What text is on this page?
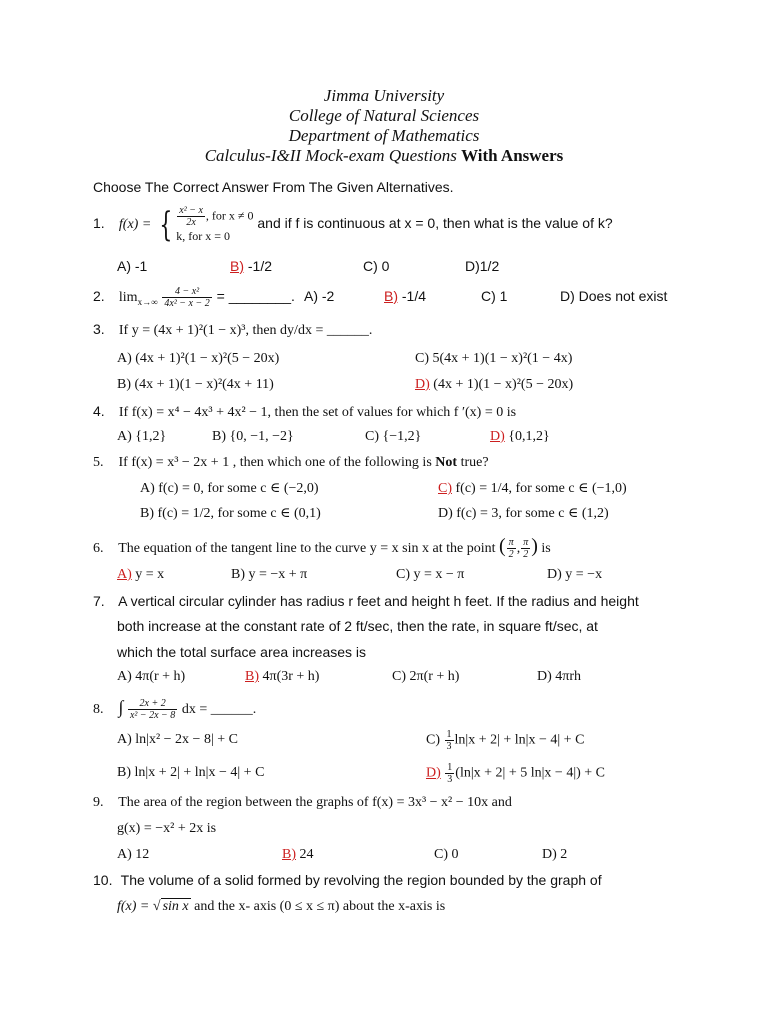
Jimma University
College of Natural Sciences
Department of Mathematics
Calculus-I&II Mock-exam Questions With Answers
Choose The Correct Answer From The Given Alternatives.
1. f(x) = { $\frac{\text{x² − x}}{2x}$ , for x ≠ 0
k, for x = 0
and if f is continuous at x = 0, then what is the value of k?
A) -1	B) -1/2	C) 0	D)1/2
2. $\lim_{x\to\infty} \frac{\text{4 − x²}}{\text{4x² − x − 2}}$ = ________. A) -2	B) -1/4	C) 1	D) Does not exist
3. If y = (4x + 1)²(1 − x)³, then dy/dx = ______.
A) (4x + 1)²(1 − x)²(5 − 20x)	C) 5(4x + 1)(1 − x)²(1 − 4x)
B) (4x + 1)(1 − x)²(4x + 11)	D) (4x + 1)(1 − x)²(5 − 20x)
4. If f(x) = x⁴ − 4x³ + 4x² − 1, then the set of values for which f ′(x) = 0 is
A) {1,2}	B) {0, −1, −2}	C) {−1,2}	D) {0,1,2}
5. If f(x) = x³ − 2x + 1 , then which one of the following is Not true?
A) f(c) = 0, for some c ∈ (−2,0)	C) f(c) = 1/4, for some c ∈ (−1,0)
B) f(c) = 1/2, for some c ∈ (0,1)	D) f(c) = 3, for some c ∈ (1,2)
6. The equation of the tangent line to the curve y = x sin x at the point ( $\frac{\pi}{2}$ , $\frac{\pi}{2}$ ) is
A) y = x	B) y = −x + π	C) y = x − π	D) y = −x
7. A vertical circular cylinder has radius r feet and height h feet. If the radius and height
both increase at the constant rate of 2 ft/sec, then the rate, in square ft/sec, at
which the total surface area increases is
A) 4π(r + h)	B) 4π(3r + h)	C) 2π(r + h)	D) 4πrh
8. ∫ $\frac{2x + 2}{\text{x² − 2x − 8}}$ dx = ______.
A) ln|x² − 2x − 8| + C	$C) \frac{1}{3} \ln|x + 2| + \ln|x - 4| + C$
B) ln|x + 2| + ln|x − 4| + C	$D) \frac{1}{3} (\ln|x + 2| + 5$ ln|x − 4|) + C
9. The area of the region between the graphs of f(x) = 3x³ − x² − 10x and
g(x) = −x² + 2x is
A) 12	B) 24	C) 0	D) 2
10. The volume of a solid formed by revolving the region bounded by the graph of
f(x) = √ sin x and the x- axis (0 ≤ x ≤ π) about the x-axis is
